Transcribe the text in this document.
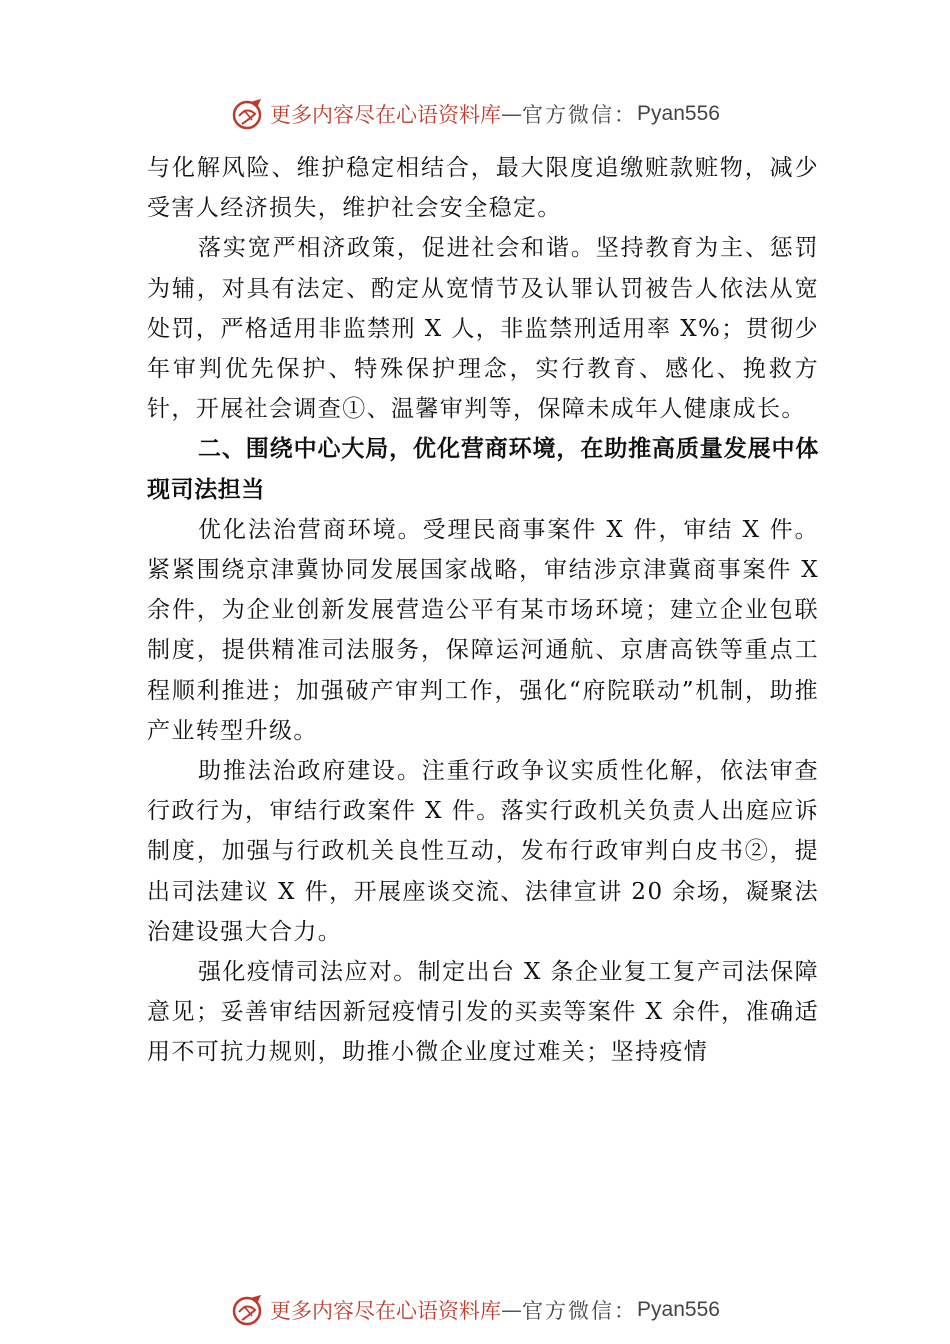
更多内容尽在心语资料库 — 官方微信： Pyan556

与化解风险、维护稳定相结合，最大限度追缴赃款赃物，减少受害人经济损失，维护社会安全稳定。

落实宽严相济政策，促进社会和谐。坚持教育为主、惩罚为辅，对具有法定、酌定从宽情节及认罪认罚被告人依法从宽处罚，严格适用非监禁刑 X 人，非监禁刑适用率 X%；贯彻少年审判优先保护、特殊保护理念，实行教育、感化、挽救方针，开展社会调查①、温馨审判等，保障未成年人健康成长。

二、围绕中心大局，优化营商环境，在助推高质量发展中体现司法担当

优化法治营商环境。受理民商事案件 X 件，审结 X 件。紧紧围绕京津冀协同发展国家战略，审结涉京津冀商事案件 X 余件，为企业创新发展营造公平有某市场环境；建立企业包联制度，提供精准司法服务，保障运河通航、京唐高铁等重点工程顺利推进；加强破产审判工作，强化“府院联动”机制，助推产业转型升级。

助推法治政府建设。注重行政争议实质性化解，依法审查行政行为，审结行政案件 X 件。落实行政机关负责人出庭应诉制度，加强与行政机关良性互动，发布行政审判白皮书②，提出司法建议 X 件，开展座谈交流、法律宣讲 20 余场，凝聚法治建设强大合力。

强化疫情司法应对。制定出台 X 条企业复工复产司法保障意见；妥善审结因新冠疫情引发的买卖等案件 X 余件，准确适用不可抗力规则，助推小微企业度过难关；坚持疫情

更多内容尽在心语资料库 — 官方微信： Pyan556
